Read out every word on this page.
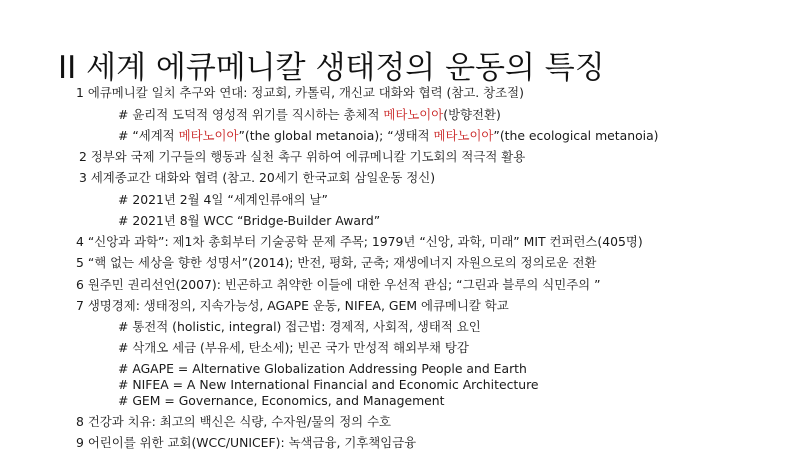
II 세계 에큐메니칼 생태정의 운동의 특징
1 에큐메니칼 일치 추구와 연대: 정교회, 카톨릭, 개신교 대화와 협력 (참고. 창조절)
# 윤리적 도덕적 영성적 위기를 직시하는 총체적 메타노이아(방향전환)
# “세계적 메타노이아”(the global metanoia); “생태적 메타노이아”(the ecological metanoia)
2 정부와 국제 기구들의 행동과 실천 촉구 위하여 에큐메니칼 기도회의 적극적 활용
3 세계종교간 대화와 협력 (참고. 20세기 한국교회 삼일운동 정신)
# 2021년 2월 4일 “세계인류애의 날”
# 2021년 8월 WCC “Bridge-Builder Award”
4 “신앙과 과학”: 제1차 총회부터 기술공학 문제 주목; 1979년 “신앙, 과학, 미래” MIT 컨퍼런스(405명)
5 “핵 없는 세상을 향한 성명서”(2014); 반전, 평화, 군축; 재생에너지 자원으로의 정의로운 전환
6 원주민 권리선언(2007): 빈곤하고 취약한 이들에 대한 우선적 관심; “그린과 블루의 식민주의 ”
7 생명경제: 생태정의, 지속가능성, AGAPE 운동, NIFEA, GEM 에큐메니칼 학교
# 통전적 (holistic, integral) 접근법: 경제적, 사회적, 생태적 요인
# 삭개오 세금 (부유세, 탄소세); 빈곤 국가 만성적 해외부채 탕감
# AGAPE = Alternative Globalization Addressing People and Earth
# NIFEA = A New International Financial and Economic Architecture
# GEM = Governance, Economics, and Management
8 건강과 치유: 최고의 백신은 식량, 수자원/물의 정의 수호
9 어린이를 위한 교회(WCC/UNICEF): 녹색금융, 기후책임금융
